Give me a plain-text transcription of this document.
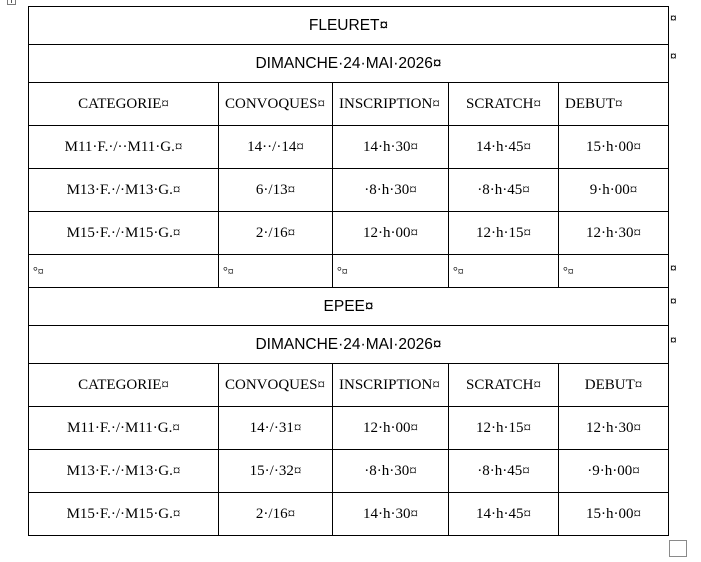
FLEURET¤				
DIMANCHE·24·MAI·2026¤				
CATEGORIE¤	CONVOQUES¤	INSCRIPTION¤	SCRATCH¤	DEBUT¤
M11·F.·/··M11·G.¤	14··/·14¤	14·h·30¤	14·h·45¤	15·h·00¤
M13·F.·/·M13·G.¤	6·/13¤	·8·h·30¤	·8·h·45¤	9·h·00¤
M15·F.·/·M15·G.¤	2·/16¤	12·h·00¤	12·h·15¤	12·h·30¤
°¤	°¤	°¤	°¤	°¤
EPEE¤				
DIMANCHE·24·MAI·2026¤				
CATEGORIE¤	CONVOQUES¤	INSCRIPTION¤	SCRATCH¤	DEBUT¤
M11·F.·/·M11·G.¤	14·/·31¤	12·h·00¤	12·h·15¤	12·h·30¤
M13·F.·/·M13·G.¤	15·/·32¤	·8·h·30¤	·8·h·45¤	·9·h·00¤
M15·F.·/·M15·G.¤	2·/16¤	14·h·30¤	14·h·45¤	15·h·00¤
¤
¤
¤
¤
¤
